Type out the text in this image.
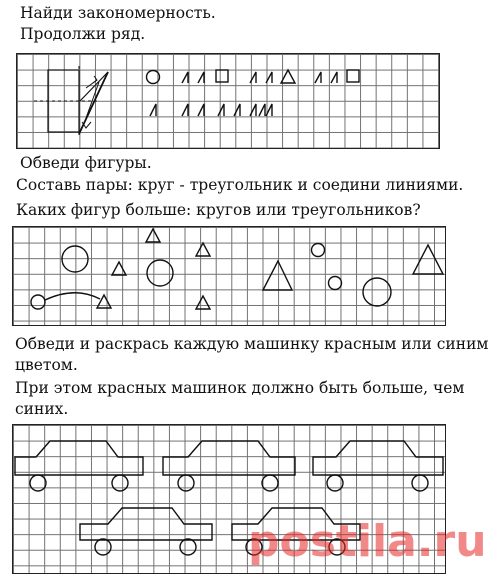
Найди закономерность.
Продолжи ряд.
Обведи фигуры.
Составь пары: круг - треугольник и соедини линиями.
Каких фигур больше: кругов или треугольников?
Обведи и раскрась каждую машинку красным или синим
цветом.
При этом красных машинок должно быть больше, чем
синих.
postila.ru
